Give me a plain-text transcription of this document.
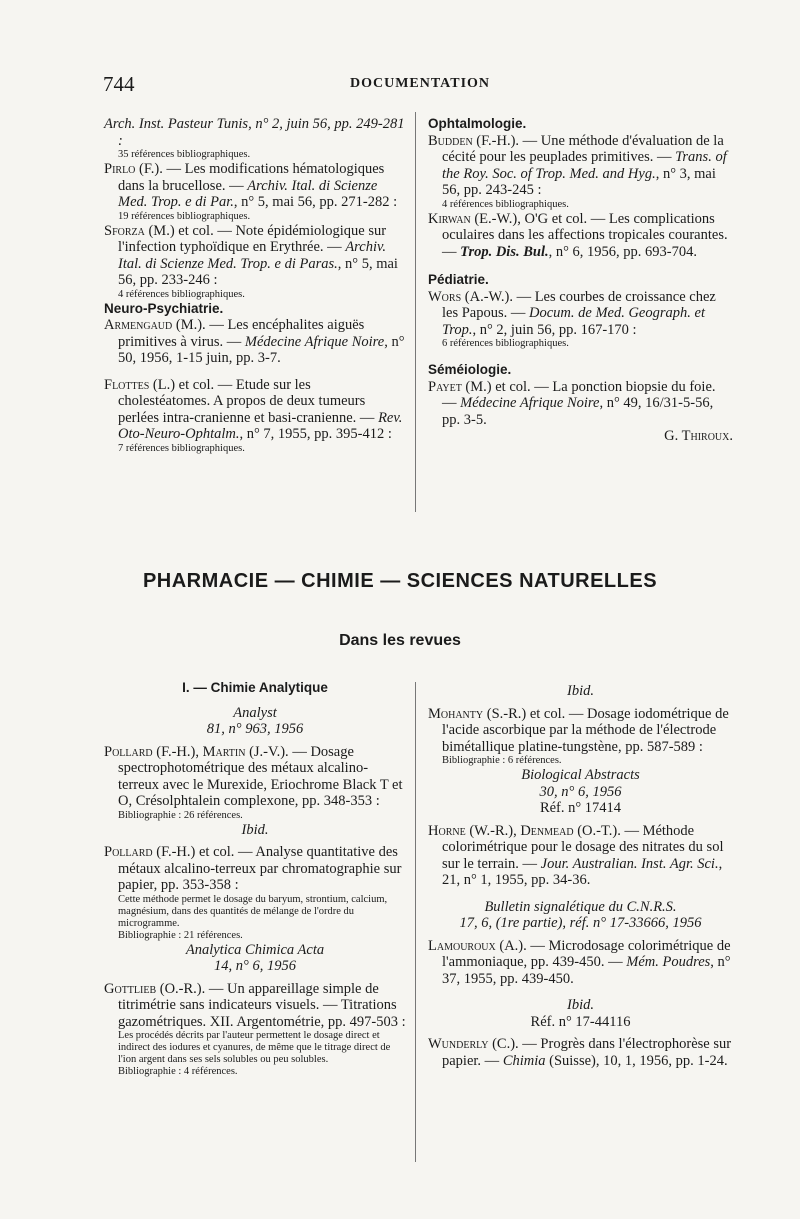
744	DOCUMENTATION

Arch. Inst. Pasteur Tunis, n° 2, juin 56, pp. 249-281 :

35 références bibliographiques.

Pirlo (F.). — Les modifications hématologiques dans la brucellose. — Archiv. Ital. di Scienze Med. Trop. e di Par., n° 5, mai 56, pp. 271-282 :

19 références bibliographiques.

Sforza (M.) et col. — Note épidémiologique sur l'infection typhoïdique en Erythrée. — Archiv. Ital. di Scienze Med. Trop. e di Paras., n° 5, mai 56, pp. 233-246 :

4 références bibliographiques.

Neuro-Psychiatrie.

Armengaud (M.). — Les encéphalites aiguës primitives à virus. — Médecine Afrique Noire, n° 50, 1956, 1-15 juin, pp. 3-7.

Flottes (L.) et col. — Etude sur les cholestéatomes. A propos de deux tumeurs perlées intra-cranienne et basi-cranienne. — Rev. Oto-Neuro-Ophtalm., n° 7, 1955, pp. 395-412 :

7 références bibliographiques.

Ophtalmologie.

Budden (F.-H.). — Une méthode d'évaluation de la cécité pour les peuplades primitives. — Trans. of the Roy. Soc. of Trop. Med. and Hyg., n° 3, mai 56, pp. 243-245 :

4 références bibliographiques.

Kirwan (E.-W.), O'G et col. — Les complications oculaires dans les affections tropicales courantes. — Trop. Dis. Bul., n° 6, 1956, pp. 693-704.

Pédiatrie.

Wors (A.-W.). — Les courbes de croissance chez les Papous. — Docum. de Med. Geograph. et Trop., n° 2, juin 56, pp. 167-170 :

6 références bibliographiques.

Séméiologie.

Payet (M.) et col. — La ponction biopsie du foie. — Médecine Afrique Noire, n° 49, 16/31-5-56, pp. 3-5.

G. Thiroux.

PHARMACIE — CHIMIE — SCIENCES NATURELLES
Dans les revues

I. — Chimie Analytique

Analyst

81, n° 963, 1956

Pollard (F.-H.), Martin (J.-V.). — Dosage spectrophotométrique des métaux alcalino-terreux avec le Murexide, Eriochrome Black T et O, Crésolphtalein complexone, pp. 348-353 :

Bibliographie : 26 références.

Ibid.

Pollard (F.-H.) et col. — Analyse quantitative des métaux alcalino-terreux par chromatographie sur papier, pp. 353-358 :

Cette méthode permet le dosage du baryum, strontium, calcium, magnésium, dans des quantités de mélange de l'ordre du microgramme.

Bibliographie : 21 références.

Analytica Chimica Acta

14, n° 6, 1956

Gottlieb (O.-R.). — Un appareillage simple de titrimétrie sans indicateurs visuels. — Titrations gazométriques. XII. Argentométrie, pp. 497-503 :

Les procédés décrits par l'auteur permettent le dosage direct et indirect des iodures et cyanures, de même que le titrage direct de l'ion argent dans ses sels solubles ou peu solubles.

Bibliographie : 4 références.

Ibid.

Mohanty (S.-R.) et col. — Dosage iodométrique de l'acide ascorbique par la méthode de l'électrode bimétallique platine-tungstène, pp. 587-589 :

Bibliographie : 6 références.

Biological Abstracts

30, n° 6, 1956

Réf. n° 17414

Horne (W.-R.), Denmead (O.-T.). — Méthode colorimétrique pour le dosage des nitrates du sol sur le terrain. — Jour. Australian. Inst. Agr. Sci., 21, n° 1, 1955, pp. 34-36.

Bulletin signalétique du C.N.R.S.

17, 6, (1re partie), réf. n° 17-33666, 1956

Lamouroux (A.). — Microdosage colorimétrique de l'ammoniaque, pp. 439-450. — Mém. Poudres, n° 37, 1955, pp. 439-450.

Ibid.

Réf. n° 17-44116

Wunderly (C.). — Progrès dans l'électrophorèse sur papier. — Chimia (Suisse), 10, 1, 1956, pp. 1-24.
